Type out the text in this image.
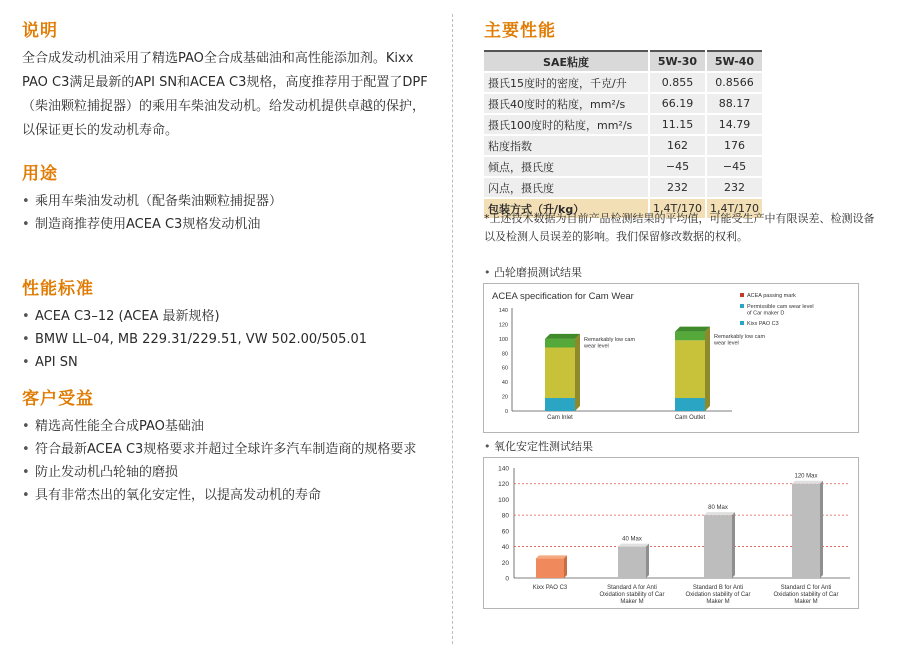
说明

全合成发动机油采用了精选PAO全合成基础油和高性能添加剂。Kixx PAO C3满足最新的API SN和ACEA C3规格，高度推荐用于配置了DPF（柴油颗粒捕捉器）的乘用车柴油发动机。给发动机提供卓越的保护，以保证更长的发动机寿命。

用途
• 乘用车柴油发动机（配备柴油颗粒捕捉器）
• 制造商推荐使用ACEA C3规格发动机油
性能标准
• ACEA C3–12 (ACEA 最新规格)
• BMW LL–04, MB 229.31/229.51, VW 502.00/505.01
• API SN
客户受益
• 精选高性能全合成PAO基础油
• 符合最新ACEA C3规格要求并超过全球许多汽车制造商的规格要求
• 防止发动机凸轮轴的磨损
• 具有非常杰出的氧化安定性，以提高发动机的寿命
主要性能
SAE粘度	5W-30	5W-40
摄氏15度时的密度，千克/升	0.855	0.8566
摄氏40度时的粘度，mm²/s	66.19	88.17
摄氏100度时的粘度，mm²/s	11.15	14.79
粘度指数	162	176
倾点，摄氏度	−45	−45
闪点，摄氏度	232	232
包装方式（升/kg）	1,4T/170	1,4T/170
*上述技术数据为目前产品检测结果的平均值，可能受生产中有限误差、检测设备以及检测人员误差的影响。我们保留修改数据的权利。
• 凸轮磨损测试结果
ACEA specification for Cam Wear
0
20
40
60
80
100
120
140
Cam Inlet
Remarkably low cam
wear level
Cam Outlet
Remarkably low cam
wear level
ACEA passing mark
Permissible cam wear level
of Car maker D
Kixx PAO C3
• 氧化安定性测试结果
0
20
40
60
80
100
120
140
Kixx PAO C3
40 Max
Standard A for Anti
Oxidation stability of Car
Maker M
80 Max
Standard B for Anti
Oxidation stability of Car
Maker M
120 Max
Standard C for Anti
Oxidation stability of Car
Maker M
